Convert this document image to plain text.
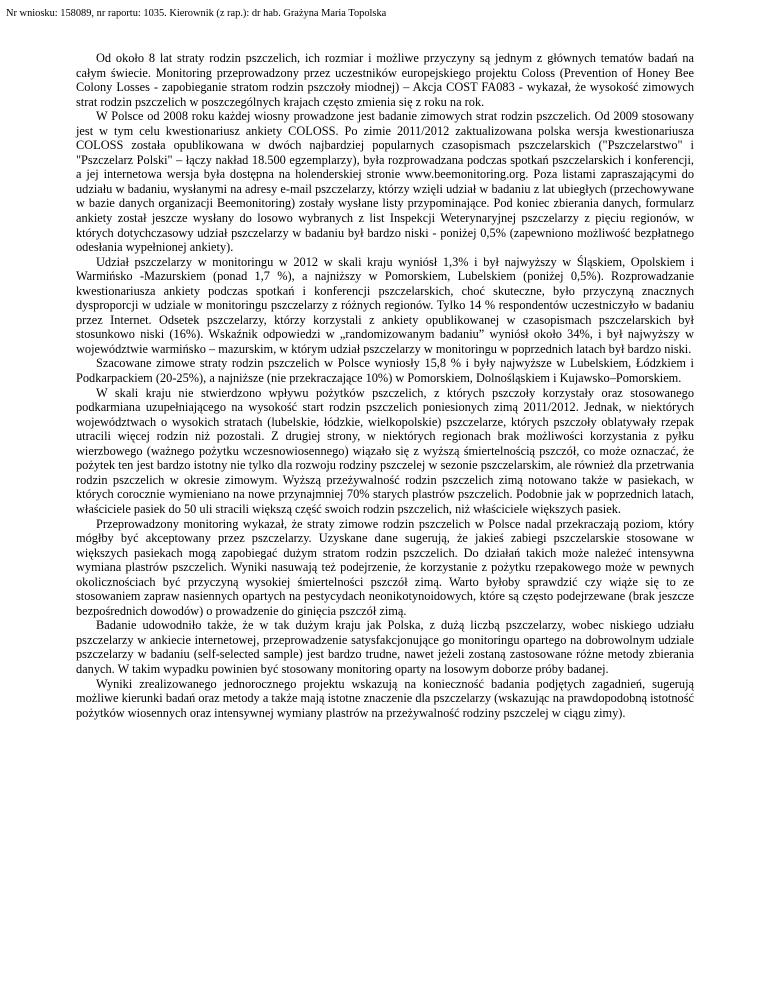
Nr wniosku: 158089, nr raportu: 1035. Kierownik (z rap.): dr hab. Grażyna Maria Topolska

Od około 8 lat straty rodzin pszczelich, ich rozmiar i możliwe przyczyny są jednym z głównych tematów badań na całym świecie. Monitoring przeprowadzony przez uczestników europejskiego projektu Coloss (Prevention of Honey Bee Colony Losses - zapobieganie stratom rodzin pszczoły miodnej) – Akcja COST FA083 - wykazał, że wysokość zimowych strat rodzin pszczelich w poszczególnych krajach często zmienia się z roku na rok.

W Polsce od 2008 roku każdej wiosny prowadzone jest badanie zimowych strat rodzin pszczelich. Od 2009 stosowany jest w tym celu kwestionariusz ankiety COLOSS. Po zimie 2011/2012 zaktualizowana polska wersja kwestionariusza COLOSS została opublikowana w dwóch najbardziej popularnych czasopismach pszczelarskich ("Pszczelarstwo" i "Pszczelarz Polski" – łączy nakład 18.500 egzemplarzy), była rozprowadzana podczas spotkań pszczelarskich i konferencji, a jej internetowa wersja była dostępna na holenderskiej stronie www.beemonitoring.org. Poza listami zapraszającymi do udziału w badaniu, wysłanymi na adresy e-mail pszczelarzy, którzy wzięli udział w badaniu z lat ubiegłych (przechowywane w bazie danych organizacji Beemonitoring) zostały wysłane listy przypominające. Pod koniec zbierania danych, formularz ankiety został jeszcze wysłany do losowo wybranych z list Inspekcji Weterynaryjnej pszczelarzy z pięciu regionów, w których dotychczasowy udział pszczelarzy w badaniu był bardzo niski - poniżej 0,5% (zapewniono możliwość bezpłatnego odesłania wypełnionej ankiety).

Udział pszczelarzy w monitoringu w 2012 w skali kraju wyniósł 1,3% i był najwyższy w Śląskiem, Opolskiem i Warmińsko -Mazurskiem (ponad 1,7 %), a najniższy w Pomorskiem, Lubelskiem (poniżej 0,5%). Rozprowadzanie kwestionariusza ankiety podczas spotkań i konferencji pszczelarskich, choć skuteczne, było przyczyną znacznych dysproporcji w udziale w monitoringu pszczelarzy z różnych regionów. Tylko 14 % respondentów uczestniczyło w badaniu przez Internet. Odsetek pszczelarzy, którzy korzystali z ankiety opublikowanej w czasopismach pszczelarskich był stosunkowo niski (16%). Wskaźnik odpowiedzi w „randomizowanym badaniu” wyniósł około 34%, i był najwyższy w województwie warmińsko – mazurskim, w którym udział pszczelarzy w monitoringu w poprzednich latach był bardzo niski.

Szacowane zimowe straty rodzin pszczelich w Polsce wyniosły 15,8 % i były najwyższe w Lubelskiem, Łódzkiem i Podkarpackiem (20-25%), a najniższe (nie przekraczające 10%) w Pomorskiem, Dolnośląskiem i Kujawsko–Pomorskiem.

W skali kraju nie stwierdzono wpływu pożytków pszczelich, z których pszczoły korzystały oraz stosowanego podkarmiana uzupełniającego na wysokość start rodzin pszczelich poniesionych zimą 2011/2012. Jednak, w niektórych województwach o wysokich stratach (lubelskie, łódzkie, wielkopolskie) pszczelarze, których pszczoły oblatywały rzepak utracili więcej rodzin niż pozostali. Z drugiej strony, w niektórych regionach brak możliwości korzystania z pyłku wierzbowego (ważnego pożytku wczesnowiosennego) wiązało się z wyższą śmiertelnością pszczół, co może oznaczać, że pożytek ten jest bardzo istotny nie tylko dla rozwoju rodziny pszczelej w sezonie pszczelarskim, ale również dla przetrwania rodzin pszczelich w okresie zimowym. Wyższą przeżywalność rodzin pszczelich zimą notowano także w pasiekach, w których corocznie wymieniano na nowe przynajmniej 70% starych plastrów pszczelich. Podobnie jak w poprzednich latach, właściciele pasiek do 50 uli stracili większą część swoich rodzin pszczelich, niż właściciele większych pasiek.

Przeprowadzony monitoring wykazał, że straty zimowe rodzin pszczelich w Polsce nadal przekraczają poziom, który mógłby być akceptowany przez pszczelarzy. Uzyskane dane sugerują, że jakieś zabiegi pszczelarskie stosowane w większych pasiekach mogą zapobiegać dużym stratom rodzin pszczelich. Do działań takich może należeć intensywna wymiana plastrów pszczelich. Wyniki nasuwają też podejrzenie, że korzystanie z pożytku rzepakowego może w pewnych okolicznościach być przyczyną wysokiej śmiertelności pszczół zimą. Warto byłoby sprawdzić czy wiąże się to ze stosowaniem zapraw nasiennych opartych na pestycydach neonikotynoidowych, które są często podejrzewane (brak jeszcze bezpośrednich dowodów) o prowadzenie do ginięcia pszczół zimą.

Badanie udowodniło także, że w tak dużym kraju jak Polska, z dużą liczbą pszczelarzy, wobec niskiego udziału pszczelarzy w ankiecie internetowej, przeprowadzenie satysfakcjonujące go monitoringu opartego na dobrowolnym udziale pszczelarzy w badaniu (self-selected sample) jest bardzo trudne, nawet jeżeli zostaną zastosowane różne metody zbierania danych. W takim wypadku powinien być stosowany monitoring oparty na losowym doborze próby badanej.

Wyniki zrealizowanego jednorocznego projektu wskazują na konieczność badania podjętych zagadnień, sugerują możliwe kierunki badań oraz metody a także mają istotne znaczenie dla pszczelarzy (wskazując na prawdopodobną istotność pożytków wiosennych oraz intensywnej wymiany plastrów na przeżywalność rodziny pszczelej w ciągu zimy).
